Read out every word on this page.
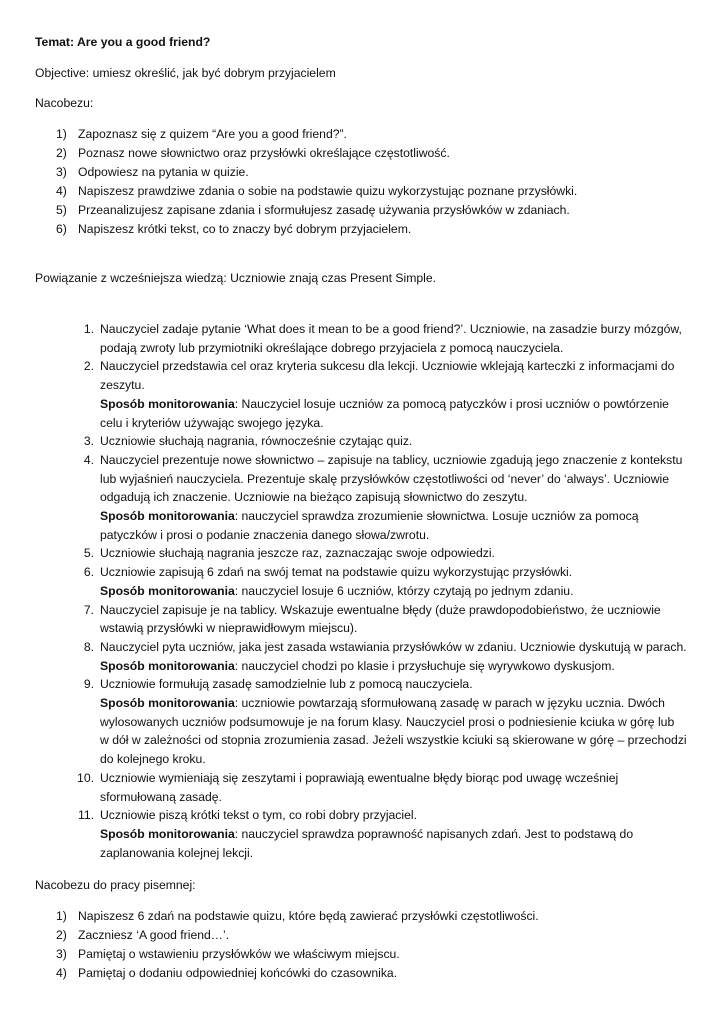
Temat: Are you a good friend?
Objective: umiesz określić, jak być dobrym przyjacielem
Nacobezu:
1) Zapoznasz się z quizem “Are you a good friend?”.
2) Poznasz nowe słownictwo oraz przysłówki określające częstotliwość.
3) Odpowiesz na pytania w quizie.
4) Napiszesz prawdziwe zdania o sobie na podstawie quizu wykorzystując poznane przysłówki.
5) Przeanalizujesz zapisane zdania i sformułujesz zasadę używania przysłówków w zdaniach.
6) Napiszesz krótki tekst, co to znaczy być dobrym przyjacielem.
Powiązanie z wcześniejsza wiedzą: Uczniowie znają czas Present Simple.
1. Nauczyciel zadaje pytanie ‘What does it mean to be a good friend?’. Uczniowie, na zasadzie burzy mózgów,
podają zwroty lub przymiotniki określające dobrego przyjaciela z pomocą nauczyciela.
2. Nauczyciel przedstawia cel oraz kryteria sukcesu dla lekcji. Uczniowie wklejają karteczki z informacjami do
zeszytu.
Sposób monitorowania: Nauczyciel losuje uczniów za pomocą patyczków i prosi uczniów o powtórzenie
celu i kryteriów używając swojego języka.
3. Uczniowie słuchają nagrania, równocześnie czytając quiz.
4. Nauczyciel prezentuje nowe słownictwo – zapisuje na tablicy, uczniowie zgadują jego znaczenie z kontekstu
lub wyjaśnień nauczyciela. Prezentuje skalę przysłówków częstotliwości od ‘never’ do ‘always’. Uczniowie
odgadują ich znaczenie. Uczniowie na bieżąco zapisują słownictwo do zeszytu.
Sposób monitorowania: nauczyciel sprawdza zrozumienie słownictwa. Losuje uczniów za pomocą
patyczków i prosi o podanie znaczenia danego słowa/zwrotu.
5. Uczniowie słuchają nagrania jeszcze raz, zaznaczając swoje odpowiedzi.
6. Uczniowie zapisują 6 zdań na swój temat na podstawie quizu wykorzystując przysłówki.
Sposób monitorowania: nauczyciel losuje 6 uczniów, którzy czytają po jednym zdaniu.
7. Nauczyciel zapisuje je na tablicy. Wskazuje ewentualne błędy (duże prawdopodobieństwo, że uczniowie
wstawią przysłówki w nieprawidłowym miejscu).
8. Nauczyciel pyta uczniów, jaka jest zasada wstawiania przysłówków w zdaniu. Uczniowie dyskutują w parach.
Sposób monitorowania: nauczyciel chodzi po klasie i przysłuchuje się wyrywkowo dyskusjom.
9. Uczniowie formułują zasadę samodzielnie lub z pomocą nauczyciela.
Sposób monitorowania: uczniowie powtarzają sformułowaną zasadę w parach w języku ucznia. Dwóch
wylosowanych uczniów podsumowuje je na forum klasy. Nauczyciel prosi o podniesienie kciuka w górę lub
w dół w zależności od stopnia zrozumienia zasad. Jeżeli wszystkie kciuki są skierowane w górę – przechodzi
do kolejnego kroku.
10. Uczniowie wymieniają się zeszytami i poprawiają ewentualne błędy biorąc pod uwagę wcześniej
sformułowaną zasadę.
11. Uczniowie piszą krótki tekst o tym, co robi dobry przyjaciel.
Sposób monitorowania: nauczyciel sprawdza poprawność napisanych zdań. Jest to podstawą do
zaplanowania kolejnej lekcji.
Nacobezu do pracy pisemnej:
1) Napiszesz 6 zdań na podstawie quizu, które będą zawierać przysłówki częstotliwości.
2) Zaczniesz ‘A good friend…’.
3) Pamiętaj o wstawieniu przysłówków we właściwym miejscu.
4) Pamiętaj o dodaniu odpowiedniej końcówki do czasownika.
